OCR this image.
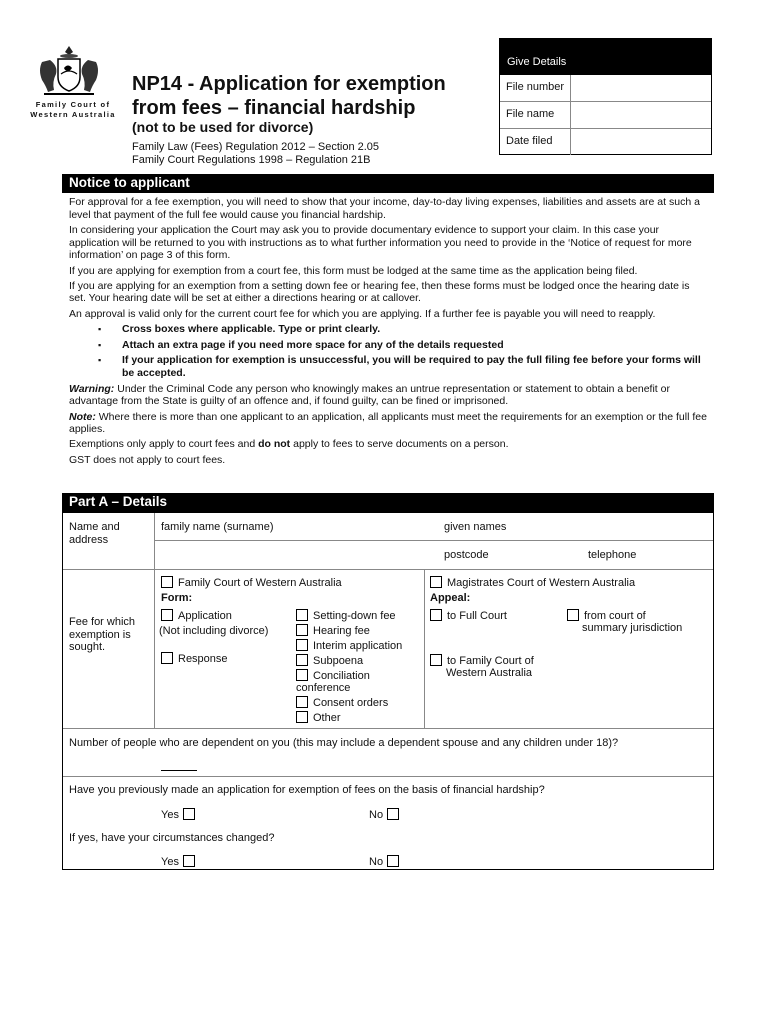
Family Court of Western Australia
NP14 - Application for exemption
from fees – financial hardship
(not to be used for divorce)
Family Law (Fees) Regulation 2012 – Section 2.05
Family Court Regulations 1998 – Regulation 21B
Give Details
File number
File name
Date filed
Notice to applicant

For approval for a fee exemption, you will need to show that your income, day-to-day living expenses, liabilities and assets are at such a level that payment of the full fee would cause you financial hardship.

In considering your application the Court may ask you to provide documentary evidence to support your claim. In this case your application will be returned to you with instructions as to what further information you need to provide in the ‘Notice of request for more information’ on page 3 of this form.

If you are applying for exemption from a court fee, this form must be lodged at the same time as the application being filed.

If you are applying for an exemption from a setting down fee or hearing fee, then these forms must be lodged once the hearing date is set. Your hearing date will be set at either a directions hearing or at callover.

An approval is valid only for the current court fee for which you are applying. If a further fee is payable you will need to reapply.

▪ Cross boxes where applicable. Type or print clearly.
▪ Attach an extra page if you need more space for any of the details requested
▪ If your application for exemption is unsuccessful, you will be required to pay the full filing fee before your forms will be accepted.

Warning: Under the Criminal Code any person who knowingly makes an untrue representation or statement to obtain a benefit or advantage from the State is guilty of an offence and, if found guilty, can be fined or imprisoned.

Note: Where there is more than one applicant to an application, all applicants must meet the requirements for an exemption or the full fee applies.

Exemptions only apply to court fees and do not apply to fees to serve documents on a person.

GST does not apply to court fees.

Part A – Details
Name and address
family name (surname)	given names
postcode	telephone
Fee for which exemption is sought.
Family Court of Western Australia
Form:
Application
(Not including divorce)
Response
Setting-down fee
Hearing fee
Interim application
Subpoena
Conciliation
conference
Consent orders
Other
Magistrates Court of Western Australia
Appeal:
to Full Court	from court of
summary jurisdiction
to Family Court of
Western Australia
Number of people who are dependent on you (this may include a dependent spouse and any children under 18)?
Have you previously made an application for exemption of fees on the basis of financial hardship?
Yes	No
If yes, have your circumstances changed?
Yes	No
